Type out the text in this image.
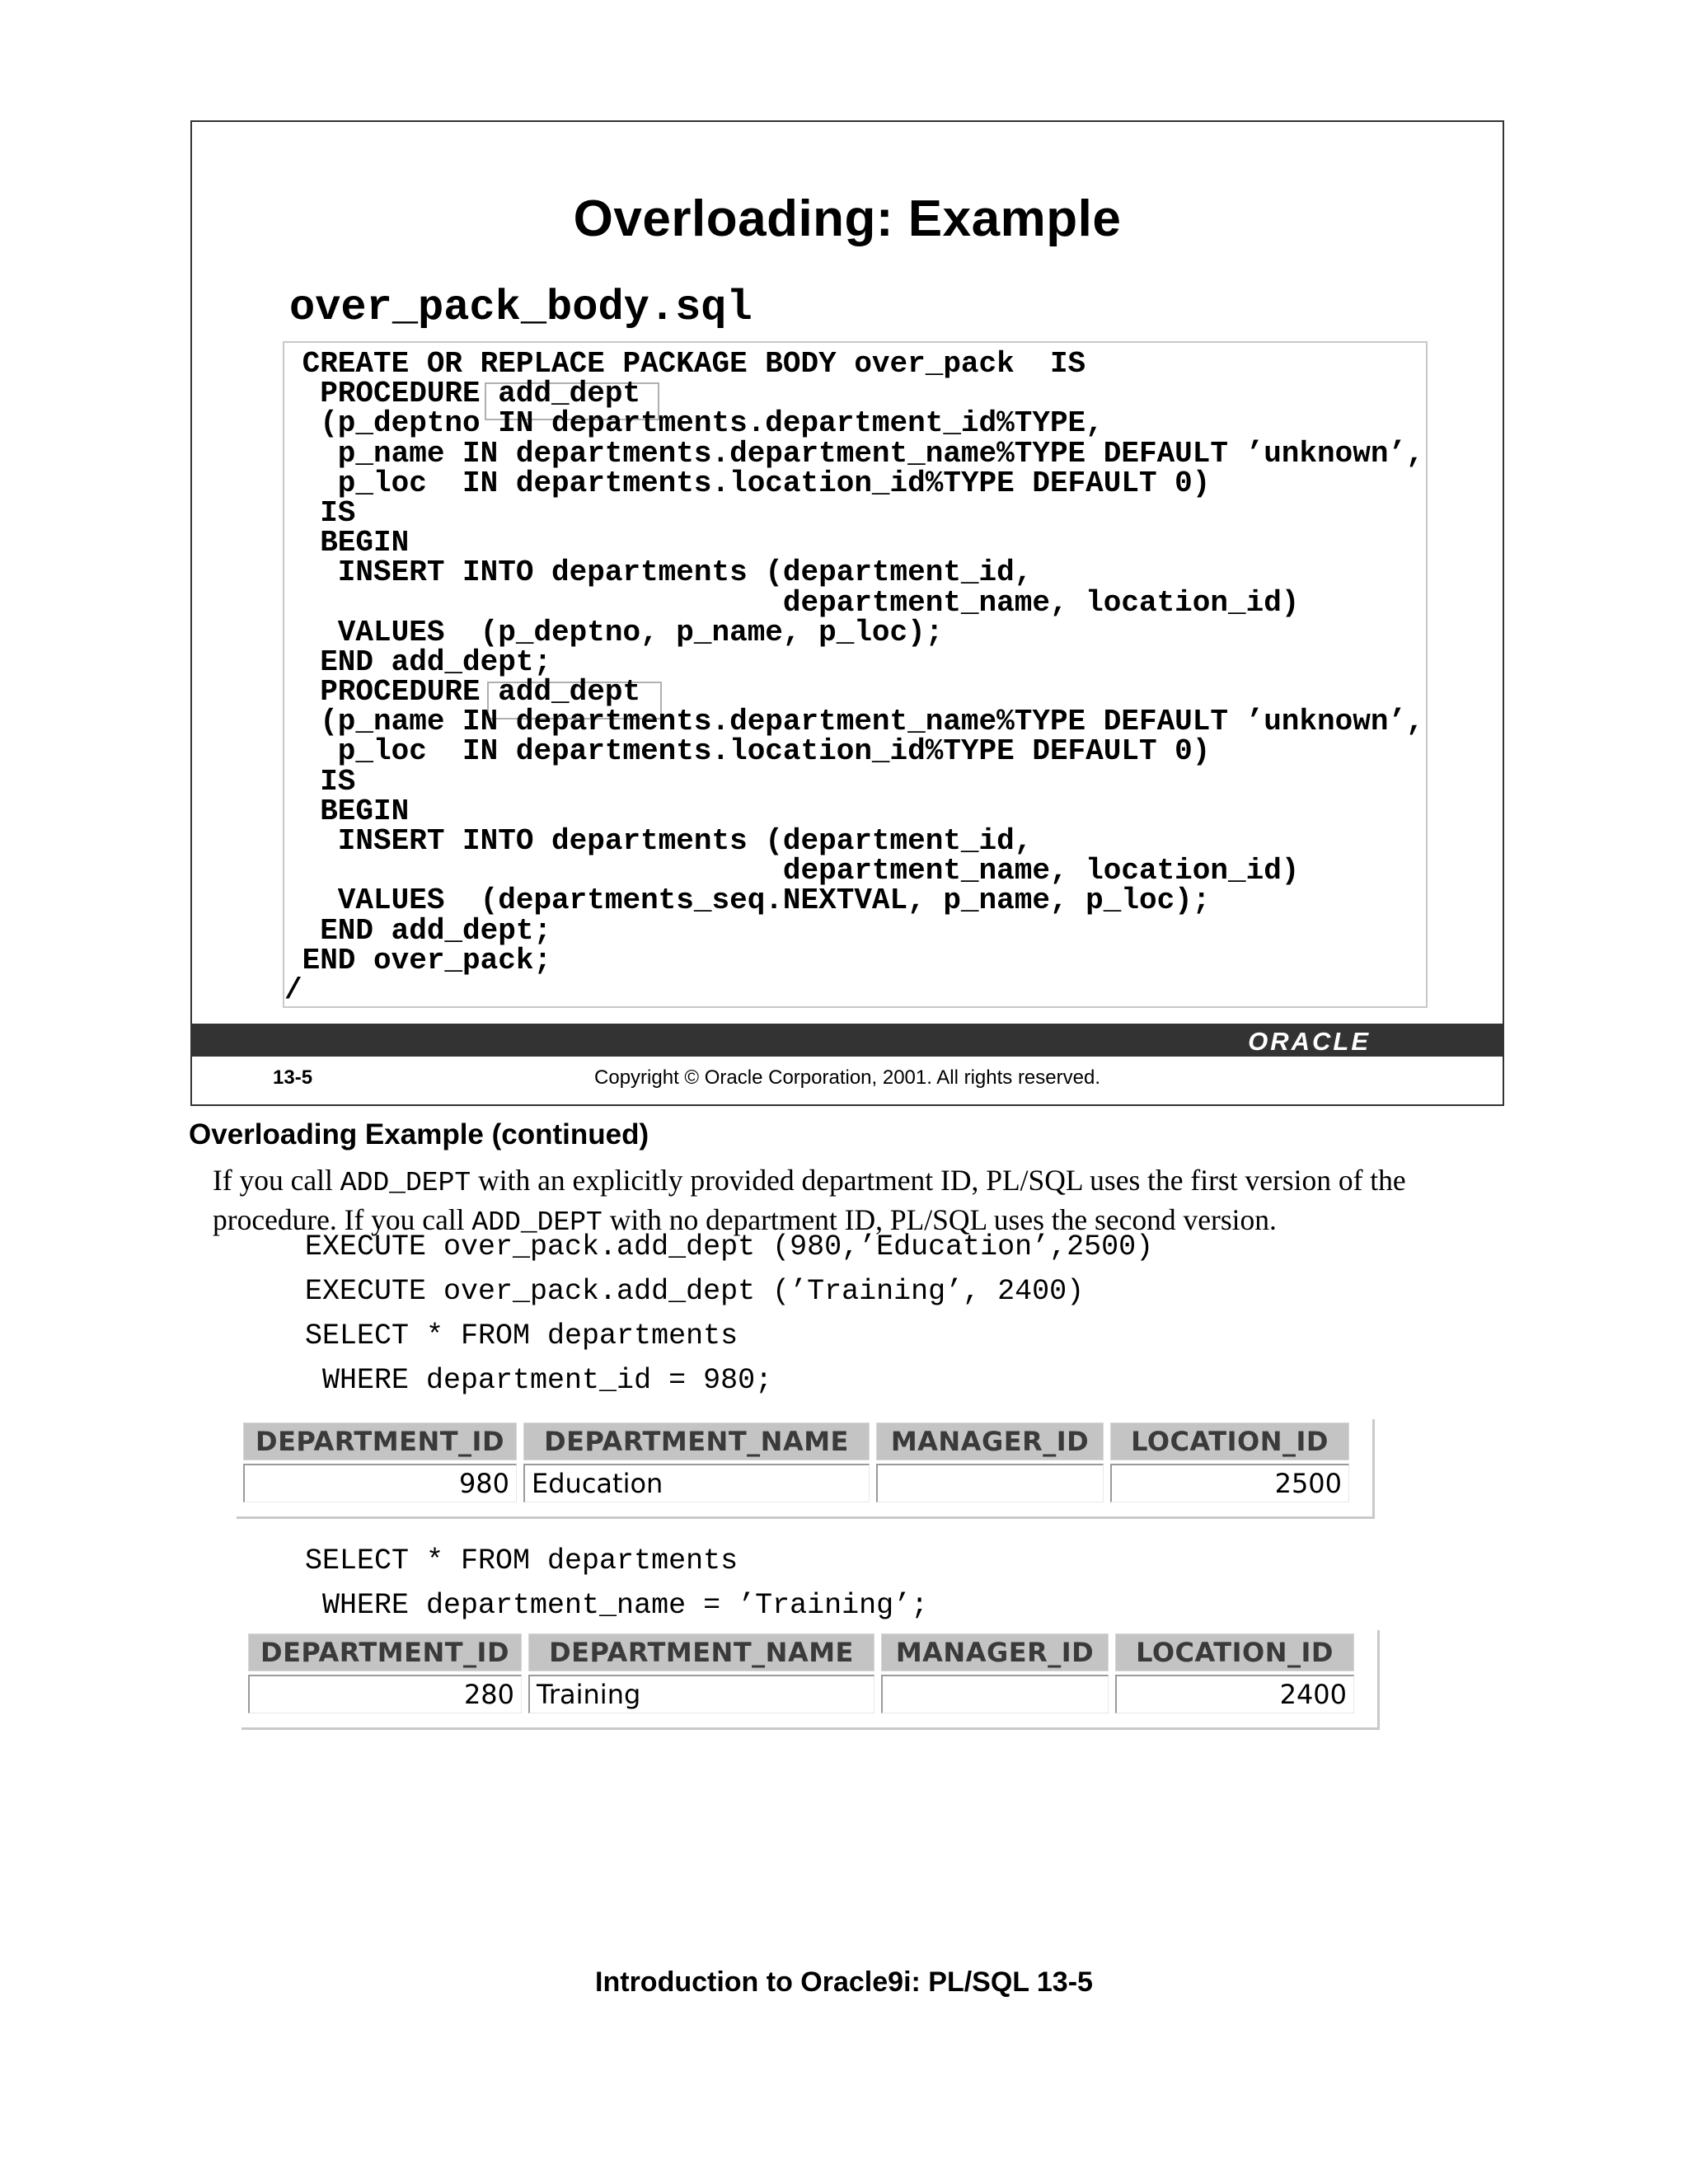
Overloading: Example
over_pack_body.sql
CREATE OR REPLACE PACKAGE BODY over_pack  IS
PROCEDURE add_dept
(p_deptno IN departments.department_id%TYPE,
p_name IN departments.department_name%TYPE DEFAULT ’unknown’,
p_loc  IN departments.location_id%TYPE DEFAULT 0)
IS
BEGIN
INSERT INTO departments (department_id,
department_name, location_id)
VALUES  (p_deptno, p_name, p_loc);
END add_dept;
PROCEDURE add_dept
(p_name IN departments.department_name%TYPE DEFAULT ’unknown’,
p_loc  IN departments.location_id%TYPE DEFAULT 0)
IS
BEGIN
INSERT INTO departments (department_id,
department_name, location_id)
VALUES  (departments_seq.NEXTVAL, p_name, p_loc);
END add_dept;
END over_pack;
/
ORACLE
13-5	Copyright © Oracle Corporation, 2001. All rights reserved.
Overloading Example (continued)
If you call ADD_DEPT with an explicitly provided department ID, PL/SQL uses the first version of the procedure. If you call ADD_DEPT with no department ID, PL/SQL uses the second version.
EXECUTE over_pack.add_dept (980,’Education’,2500)
EXECUTE over_pack.add_dept (’Training’, 2400)
SELECT * FROM departments
WHERE department_id = 980;
DEPARTMENT_ID	DEPARTMENT_NAME	MANAGER_ID	LOCATION_ID
980	Education		2500
SELECT * FROM departments
WHERE department_name = ’Training’;
DEPARTMENT_ID	DEPARTMENT_NAME	MANAGER_ID	LOCATION_ID
280	Training		2400
Introduction to Oracle9i: PL/SQL 13-5
